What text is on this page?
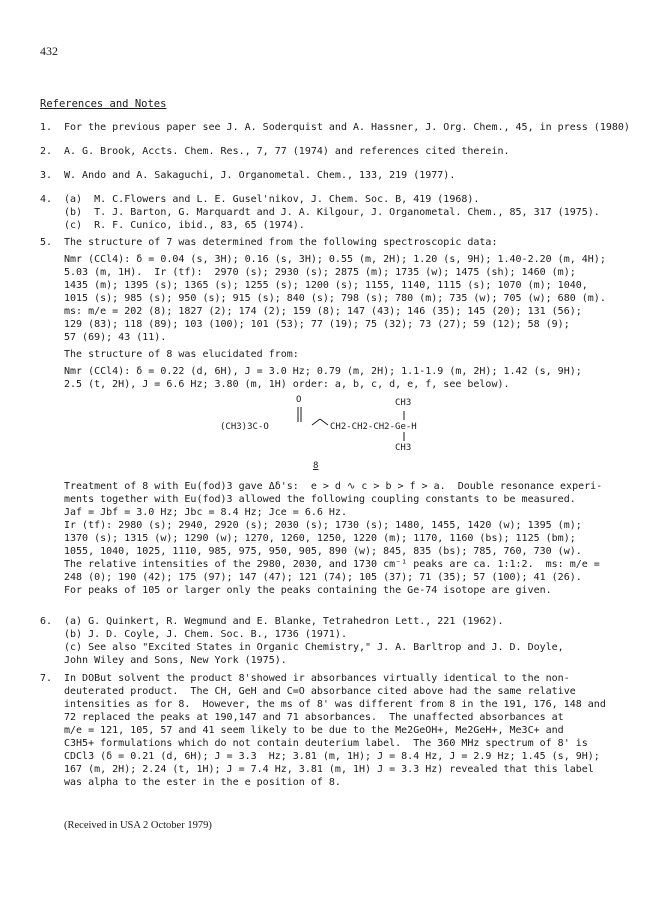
432
References and Notes
1.	For the previous paper see J. A. Soderquist and A. Hassner, J. Org. Chem., 45, in press (1980)
2.	A. G. Brook, Accts. Chem. Res., 7, 77 (1974) and references cited therein.
3.	W. Ando and A. Sakaguchi, J. Organometal. Chem., 133, 219 (1977).
4.	(a)  M. C.Flowers and L. E. Gusel'nikov, J. Chem. Soc. B, 419 (1968).
(b)  T. J. Barton, G. Marquardt and J. A. Kilgour, J. Organometal. Chem., 85, 317 (1975).
(c)  R. F. Cunico, ibid., 83, 65 (1974).
5.	The structure of 7 was determined from the following spectroscopic data:
Nmr (CCl4): δ = 0.04 (s, 3H); 0.16 (s, 3H); 0.55 (m, 2H); 1.20 (s, 9H); 1.40-2.20 (m, 4H);
5.03 (m, 1H).  Ir (tf):  2970 (s); 2930 (s); 2875 (m); 1735 (w); 1475 (sh); 1460 (m);
1435 (m); 1395 (s); 1365 (s); 1255 (s); 1200 (s); 1155, 1140, 1115 (s); 1070 (m); 1040,
1015 (s); 985 (s); 950 (s); 915 (s); 840 (s); 798 (s); 780 (m); 735 (w); 705 (w); 680 (m).
ms: m/e = 202 (8); 1827 (2); 174 (2); 159 (8); 147 (43); 146 (35); 145 (20); 131 (56);
129 (83); 118 (89); 103 (100); 101 (53); 77 (19); 75 (32); 73 (27); 59 (12); 58 (9);
57 (69); 43 (11).
The structure of 8 was elucidated from:
Nmr (CCl4): δ = 0.22 (d, 6H), J = 3.0 Hz; 0.79 (m, 2H); 1.1-1.9 (m, 2H); 1.42 (s, 9H);
2.5 (t, 2H), J = 6.6 Hz; 3.80 (m, 1H) order: a, b, c, d, e, f, see below).
O
(CH3)3C-O	CH2-CH2-CH2-Ge-H
CH3
CH3
8
Treatment of 8 with Eu(fod)3 gave Δδ's:  e > d ∿ c > b > f > a.  Double resonance experi-
ments together with Eu(fod)3 allowed the following coupling constants to be measured.
Jaf = Jbf = 3.0 Hz; Jbc = 8.4 Hz; Jce = 6.6 Hz.
Ir (tf): 2980 (s); 2940, 2920 (s); 2030 (s); 1730 (s); 1480, 1455, 1420 (w); 1395 (m);
1370 (s); 1315 (w); 1290 (w); 1270, 1260, 1250, 1220 (m); 1170, 1160 (bs); 1125 (bm);
1055, 1040, 1025, 1110, 985, 975, 950, 905, 890 (w); 845, 835 (bs); 785, 760, 730 (w).
The relative intensities of the 2980, 2030, and 1730 cm⁻¹ peaks are ca. 1:1:2.  ms: m/e =
248 (0); 190 (42); 175 (97); 147 (47); 121 (74); 105 (37); 71 (35); 57 (100); 41 (26).
For peaks of 105 or larger only the peaks containing the Ge-74 isotope are given.
6.	(a) G. Quinkert, R. Wegmund and E. Blanke, Tetrahedron Lett., 221 (1962).
(b) J. D. Coyle, J. Chem. Soc. B., 1736 (1971).
(c) See also "Excited States in Organic Chemistry," J. A. Barltrop and J. D. Doyle,
John Wiley and Sons, New York (1975).
7.	In DOBut solvent the product 8'showed ir absorbances virtually identical to the non-
deuterated product.  The CH, GeH and C=O absorbance cited above had the same relative
intensities as for 8.  However, the ms of 8' was different from 8 in the 191, 176, 148 and
72 replaced the peaks at 190,147 and 71 absorbances.  The unaffected absorbances at
m/e = 121, 105, 57 and 41 seem likely to be due to the Me2GeOH+, Me2GeH+, Me3C+ and
C3H5+ formulations which do not contain deuterium label.  The 360 MHz spectrum of 8' is
CDCl3 (δ = 0.21 (d, 6H); J = 3.3  Hz; 3.81 (m, 1H); J = 8.4 Hz, J = 2.9 Hz; 1.45 (s, 9H);
167 (m, 2H); 2.24 (t, 1H); J = 7.4 Hz, 3.81 (m, 1H) J = 3.3 Hz) revealed that this label
was alpha to the ester in the e position of 8.
(Received in USA 2 October 1979)
